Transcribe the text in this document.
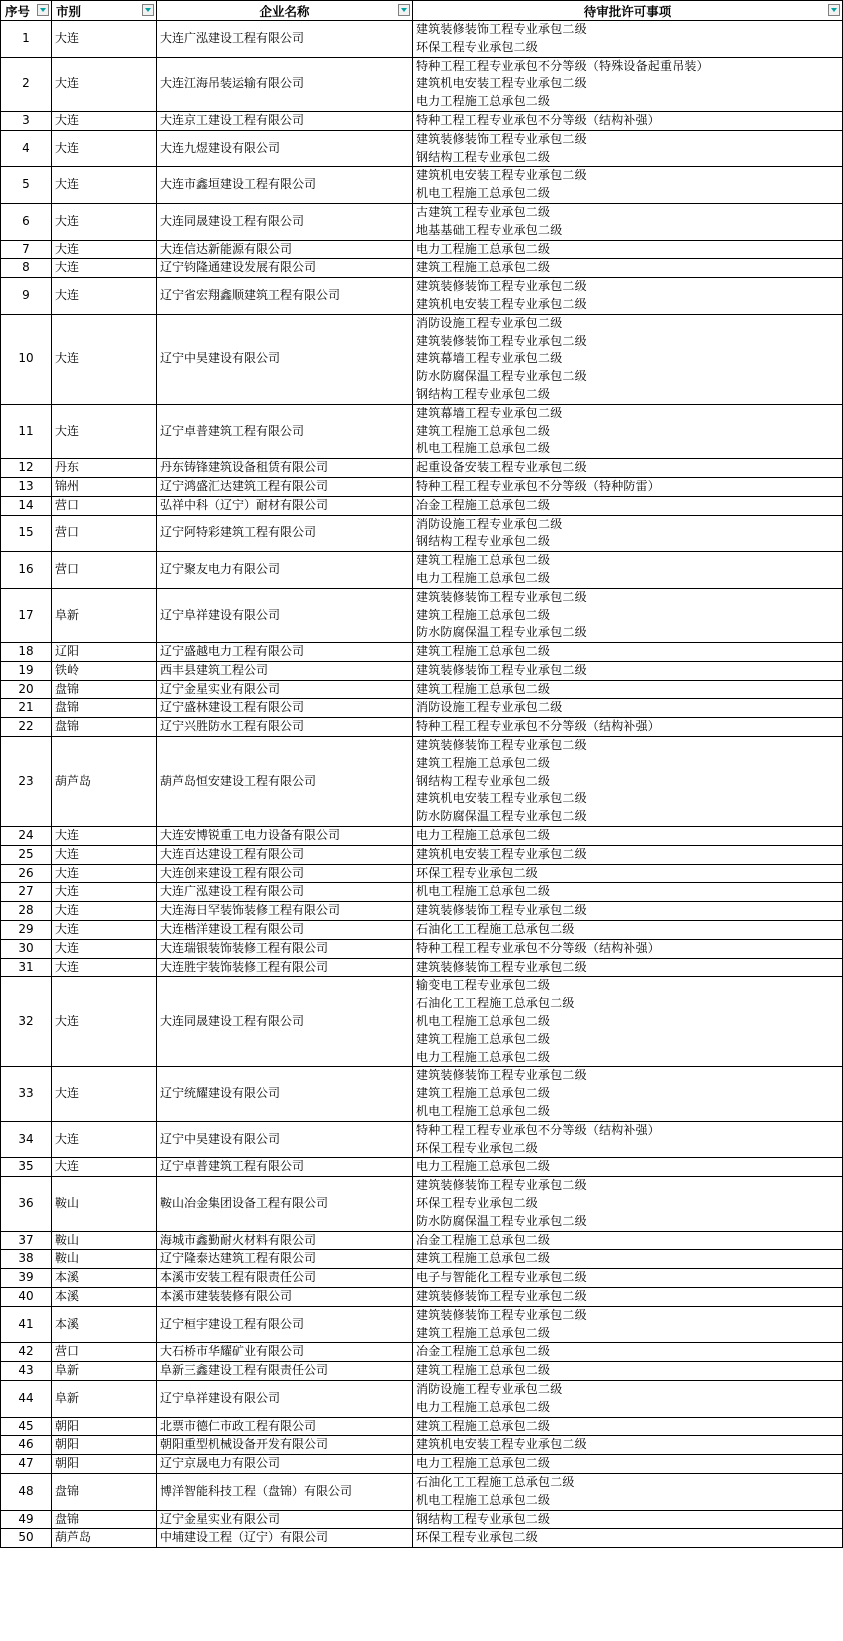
序号	市别	企业名称	待审批许可事项

1	大连	大连广泓建设工程有限公司	建筑装修装饰工程专业承包二级
环保工程专业承包二级
2	大连	大连江海吊装运输有限公司	特种工程工程专业承包不分等级（特殊设备起重吊装）
建筑机电安装工程专业承包二级
电力工程施工总承包二级
3	大连	大连京工建设工程有限公司	特种工程工程专业承包不分等级（结构补强）
4	大连	大连九煜建设有限公司	建筑装修装饰工程专业承包二级
钢结构工程专业承包二级
5	大连	大连市鑫垣建设工程有限公司	建筑机电安装工程专业承包二级
机电工程施工总承包二级
6	大连	大连同晟建设工程有限公司	古建筑工程专业承包二级
地基基础工程专业承包二级
7	大连	大连信达新能源有限公司	电力工程施工总承包二级
8	大连	辽宁钧隆通建设发展有限公司	建筑工程施工总承包二级
9	大连	辽宁省宏翔鑫顺建筑工程有限公司	建筑装修装饰工程专业承包二级
建筑机电安装工程专业承包二级
10	大连	辽宁中昊建设有限公司	消防设施工程专业承包二级
建筑装修装饰工程专业承包二级
建筑幕墙工程专业承包二级
防水防腐保温工程专业承包二级
钢结构工程专业承包二级
11	大连	辽宁卓普建筑工程有限公司	建筑幕墙工程专业承包二级
建筑工程施工总承包二级
机电工程施工总承包二级
12	丹东	丹东铸锋建筑设备租赁有限公司	起重设备安装工程专业承包二级
13	锦州	辽宁鸿盛汇达建筑工程有限公司	特种工程工程专业承包不分等级（特种防雷）
14	营口	弘祥中科（辽宁）耐材有限公司	冶金工程施工总承包二级
15	营口	辽宁阿特彩建筑工程有限公司	消防设施工程专业承包二级
钢结构工程专业承包二级
16	营口	辽宁聚友电力有限公司	建筑工程施工总承包二级
电力工程施工总承包二级
17	阜新	辽宁阜祥建设有限公司	建筑装修装饰工程专业承包二级
建筑工程施工总承包二级
防水防腐保温工程专业承包二级
18	辽阳	辽宁盛越电力工程有限公司	建筑工程施工总承包二级
19	铁岭	西丰县建筑工程公司	建筑装修装饰工程专业承包二级
20	盘锦	辽宁金星实业有限公司	建筑工程施工总承包二级
21	盘锦	辽宁盛林建设工程有限公司	消防设施工程专业承包二级
22	盘锦	辽宁兴胜防水工程有限公司	特种工程工程专业承包不分等级（结构补强）
23	葫芦岛	葫芦岛恒安建设工程有限公司	建筑装修装饰工程专业承包二级
建筑工程施工总承包二级
钢结构工程专业承包二级
建筑机电安装工程专业承包二级
防水防腐保温工程专业承包二级
24	大连	大连安博锐重工电力设备有限公司	电力工程施工总承包二级
25	大连	大连百达建设工程有限公司	建筑机电安装工程专业承包二级
26	大连	大连创来建设工程有限公司	环保工程专业承包二级
27	大连	大连广泓建设工程有限公司	机电工程施工总承包二级
28	大连	大连海日罕装饰装修工程有限公司	建筑装修装饰工程专业承包二级
29	大连	大连楷洋建设工程有限公司	石油化工工程施工总承包二级
30	大连	大连瑞银装饰装修工程有限公司	特种工程工程专业承包不分等级（结构补强）
31	大连	大连胜宇装饰装修工程有限公司	建筑装修装饰工程专业承包二级
32	大连	大连同晟建设工程有限公司	输变电工程专业承包二级
石油化工工程施工总承包二级
机电工程施工总承包二级
建筑工程施工总承包二级
电力工程施工总承包二级
33	大连	辽宁统耀建设有限公司	建筑装修装饰工程专业承包二级
建筑工程施工总承包二级
机电工程施工总承包二级
34	大连	辽宁中昊建设有限公司	特种工程工程专业承包不分等级（结构补强）
环保工程专业承包二级
35	大连	辽宁卓普建筑工程有限公司	电力工程施工总承包二级
36	鞍山	鞍山冶金集团设备工程有限公司	建筑装修装饰工程专业承包二级
环保工程专业承包二级
防水防腐保温工程专业承包二级
37	鞍山	海城市鑫勤耐火材料有限公司	冶金工程施工总承包二级
38	鞍山	辽宁隆泰达建筑工程有限公司	建筑工程施工总承包二级
39	本溪	本溪市安装工程有限责任公司	电子与智能化工程专业承包二级
40	本溪	本溪市建装装修有限公司	建筑装修装饰工程专业承包二级
41	本溪	辽宁桓宇建设工程有限公司	建筑装修装饰工程专业承包二级
建筑工程施工总承包二级
42	营口	大石桥市华耀矿业有限公司	冶金工程施工总承包二级
43	阜新	阜新三鑫建设工程有限责任公司	建筑工程施工总承包二级
44	阜新	辽宁阜祥建设有限公司	消防设施工程专业承包二级
电力工程施工总承包二级
45	朝阳	北票市德仁市政工程有限公司	建筑工程施工总承包二级
46	朝阳	朝阳重型机械设备开发有限公司	建筑机电安装工程专业承包二级
47	朝阳	辽宁京晟电力有限公司	电力工程施工总承包二级
48	盘锦	博洋智能科技工程（盘锦）有限公司	石油化工工程施工总承包二级
机电工程施工总承包二级
49	盘锦	辽宁金星实业有限公司	钢结构工程专业承包二级
50	葫芦岛	中埔建设工程（辽宁）有限公司	环保工程专业承包二级
